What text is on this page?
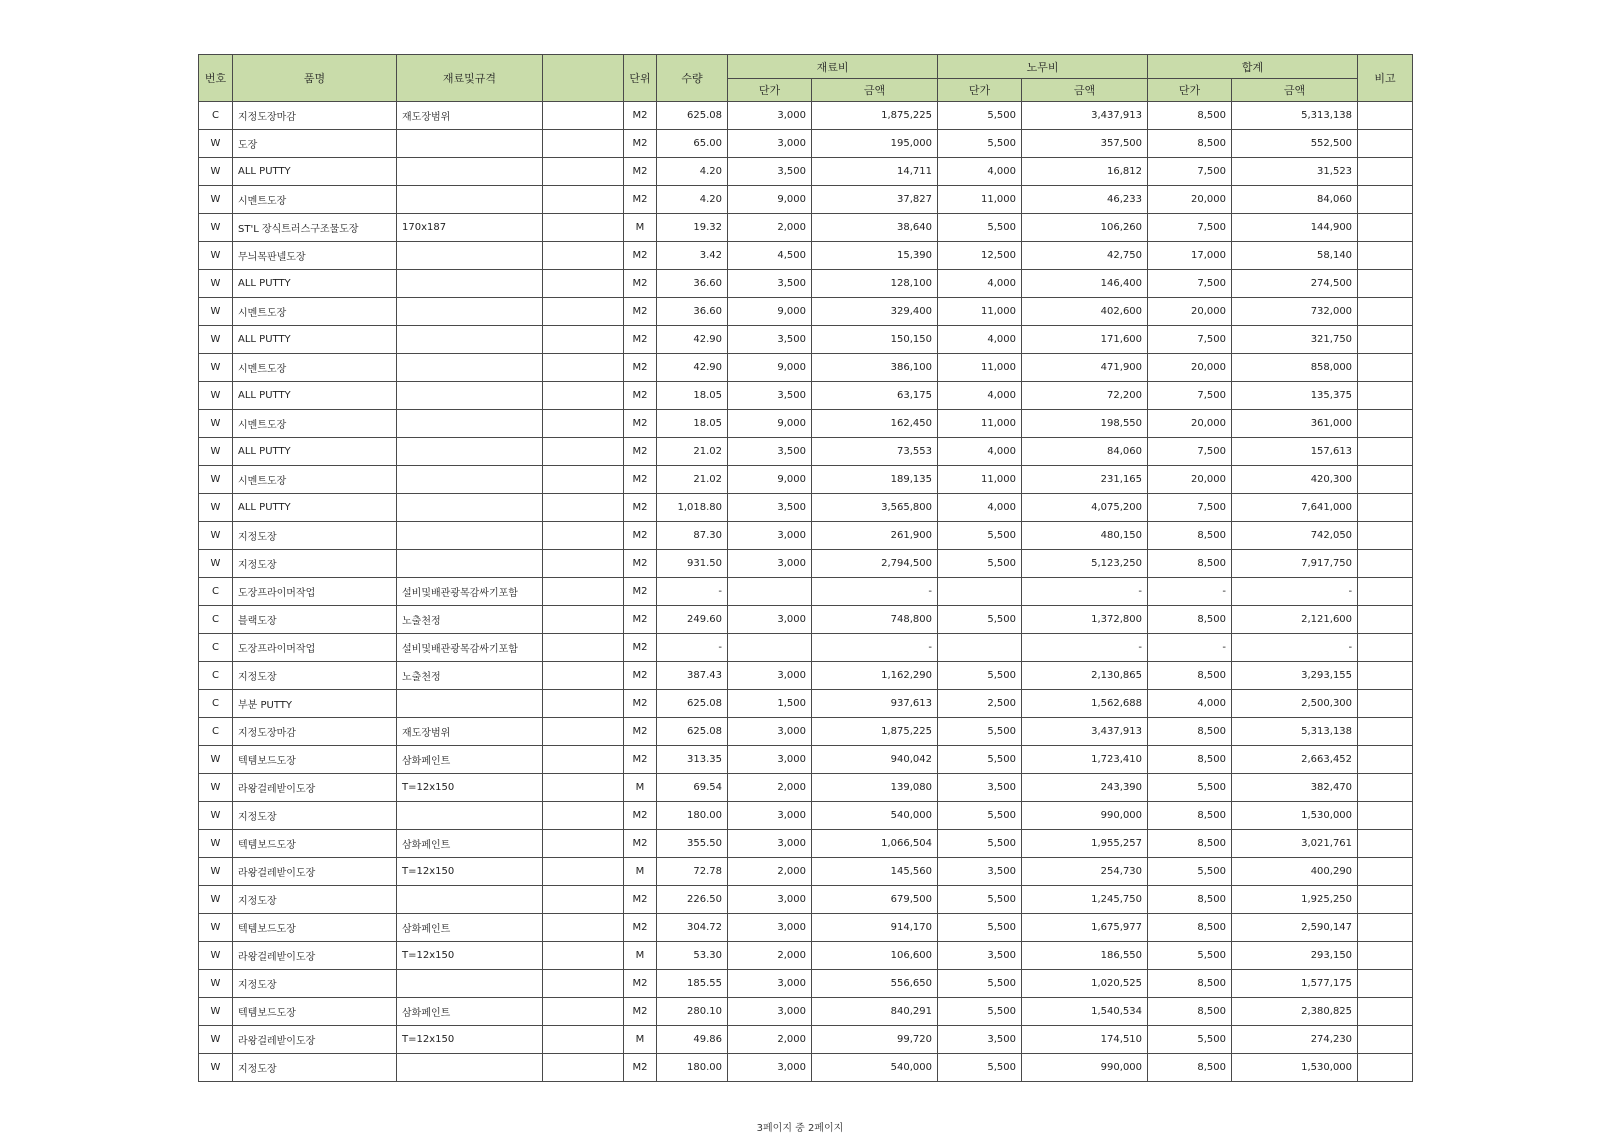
번호	품명	재료및규격		단위	수량	재료비		노무비		합계		비고
						단가	금액	단가	금액	단가	금액	
C	지정도장마감	재도장범위		M2	625.08	3,000	1,875,225	5,500	3,437,913	8,500	5,313,138	
W	도장			M2	65.00	3,000	195,000	5,500	357,500	8,500	552,500	
W	ALL PUTTY			M2	4.20	3,500	14,711	4,000	16,812	7,500	31,523	
W	시멘트도장			M2	4.20	9,000	37,827	11,000	46,233	20,000	84,060	
W	ST'L 장식트러스구조물도장	170x187		M	19.32	2,000	38,640	5,500	106,260	7,500	144,900	
W	무늬목판넬도장			M2	3.42	4,500	15,390	12,500	42,750	17,000	58,140	
W	ALL PUTTY			M2	36.60	3,500	128,100	4,000	146,400	7,500	274,500	
W	시멘트도장			M2	36.60	9,000	329,400	11,000	402,600	20,000	732,000	
W	ALL PUTTY			M2	42.90	3,500	150,150	4,000	171,600	7,500	321,750	
W	시멘트도장			M2	42.90	9,000	386,100	11,000	471,900	20,000	858,000	
W	ALL PUTTY			M2	18.05	3,500	63,175	4,000	72,200	7,500	135,375	
W	시멘트도장			M2	18.05	9,000	162,450	11,000	198,550	20,000	361,000	
W	ALL PUTTY			M2	21.02	3,500	73,553	4,000	84,060	7,500	157,613	
W	시멘트도장			M2	21.02	9,000	189,135	11,000	231,165	20,000	420,300	
W	ALL PUTTY			M2	1,018.80	3,500	3,565,800	4,000	4,075,200	7,500	7,641,000	
W	지정도장			M2	87.30	3,000	261,900	5,500	480,150	8,500	742,050	
W	지정도장			M2	931.50	3,000	2,794,500	5,500	5,123,250	8,500	7,917,750	
C	도장프라이머작업	설비및배관광목감싸기포함		M2	-		-		-	-	-	
C	블랙도장	노출천정		M2	249.60	3,000	748,800	5,500	1,372,800	8,500	2,121,600	
C	도장프라이머작업	설비및배관광목감싸기포함		M2	-		-		-	-	-	
C	지정도장	노출천정		M2	387.43	3,000	1,162,290	5,500	2,130,865	8,500	3,293,155	
C	부분 PUTTY			M2	625.08	1,500	937,613	2,500	1,562,688	4,000	2,500,300	
C	지정도장마감	재도장범위		M2	625.08	3,000	1,875,225	5,500	3,437,913	8,500	5,313,138	
W	텍템보드도장	삼화페인트		M2	313.35	3,000	940,042	5,500	1,723,410	8,500	2,663,452	
W	라왕걸레받이도장	T=12x150		M	69.54	2,000	139,080	3,500	243,390	5,500	382,470	
W	지정도장			M2	180.00	3,000	540,000	5,500	990,000	8,500	1,530,000	
W	텍템보드도장	삼화페인트		M2	355.50	3,000	1,066,504	5,500	1,955,257	8,500	3,021,761	
W	라왕걸레받이도장	T=12x150		M	72.78	2,000	145,560	3,500	254,730	5,500	400,290	
W	지정도장			M2	226.50	3,000	679,500	5,500	1,245,750	8,500	1,925,250	
W	텍템보드도장	삼화페인트		M2	304.72	3,000	914,170	5,500	1,675,977	8,500	2,590,147	
W	라왕걸레받이도장	T=12x150		M	53.30	2,000	106,600	3,500	186,550	5,500	293,150	
W	지정도장			M2	185.55	3,000	556,650	5,500	1,020,525	8,500	1,577,175	
W	텍템보드도장	삼화페인트		M2	280.10	3,000	840,291	5,500	1,540,534	8,500	2,380,825	
W	라왕걸레받이도장	T=12x150		M	49.86	2,000	99,720	3,500	174,510	5,500	274,230	
W	지정도장			M2	180.00	3,000	540,000	5,500	990,000	8,500	1,530,000	
3페이지 중 2페이지
